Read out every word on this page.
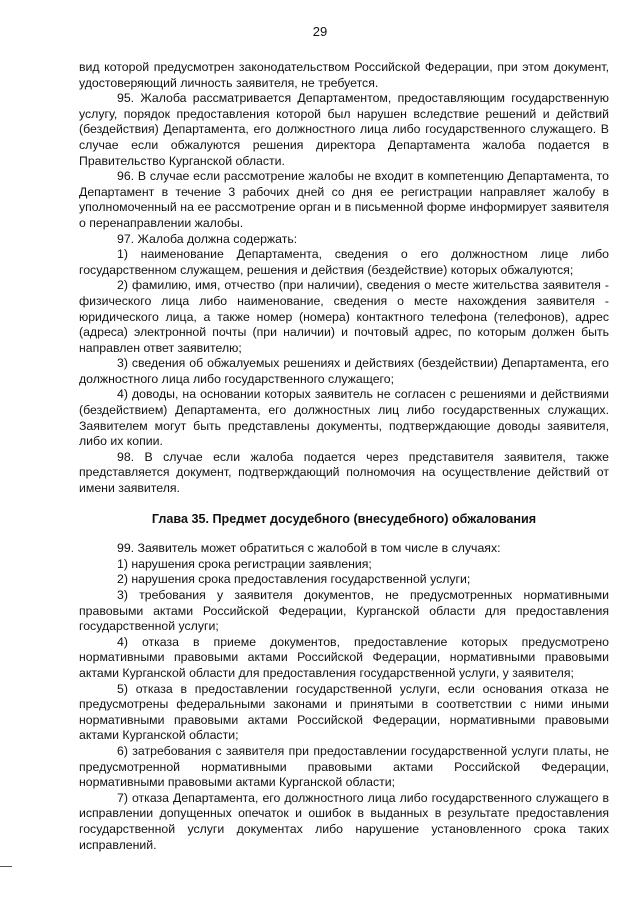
29

вид которой предусмотрен законодательством Российской Федерации, при этом документ, удостоверяющий личность заявителя, не требуется.

95. Жалоба рассматривается Департаментом, предоставляющим государственную услугу, порядок предоставления которой был нарушен вследствие решений и действий (бездействия) Департамента, его должностного лица либо государственного служащего. В случае если обжалуются решения директора Департамента жалоба подается в Правительство Курганской области.

96. В случае если рассмотрение жалобы не входит в компетенцию Департамента, то Департамент в течение 3 рабочих дней со дня ее регистрации направляет жалобу в уполномоченный на ее рассмотрение орган и в письменной форме информирует заявителя о перенаправлении жалобы.

97. Жалоба должна содержать:

1) наименование Департамента, сведения о его должностном лице либо государственном служащем, решения и действия (бездействие) которых обжалуются;

2) фамилию, имя, отчество (при наличии), сведения о месте жительства заявителя - физического лица либо наименование, сведения о месте нахождения заявителя - юридического лица, а также номер (номера) контактного телефона (телефонов), адрес (адреса) электронной почты (при наличии) и почтовый адрес, по которым должен быть направлен ответ заявителю;

3) сведения об обжалуемых решениях и действиях (бездействии) Департамента, его должностного лица либо государственного служащего;

4) доводы, на основании которых заявитель не согласен с решениями и действиями (бездействием) Департамента, его должностных лиц либо государственных служащих. Заявителем могут быть представлены документы, подтверждающие доводы заявителя, либо их копии.

98. В случае если жалоба подается через представителя заявителя, также представляется документ, подтверждающий полномочия на осуществление действий от имени заявителя.

Глава 35. Предмет досудебного (внесудебного) обжалования

99. Заявитель может обратиться с жалобой в том числе в случаях:

1) нарушения срока регистрации заявления;

2) нарушения срока предоставления государственной услуги;

3) требования у заявителя документов, не предусмотренных нормативными правовыми актами Российской Федерации, Курганской области для предоставления государственной услуги;

4) отказа в приеме документов, предоставление которых предусмотрено нормативными правовыми актами Российской Федерации, нормативными правовыми актами Курганской области для предоставления государственной услуги, у заявителя;

5) отказа в предоставлении государственной услуги, если основания отказа не предусмотрены федеральными законами и принятыми в соответствии с ними иными нормативными правовыми актами Российской Федерации, нормативными правовыми актами Курганской области;

6) затребования с заявителя при предоставлении государственной услуги платы, не предусмотренной нормативными правовыми актами Российской Федерации, нормативными правовыми актами Курганской области;

7) отказа Департамента, его должностного лица либо государственного служащего в исправлении допущенных опечаток и ошибок в выданных в результате предоставления государственной услуги документах либо нарушение установленного срока таких исправлений.
